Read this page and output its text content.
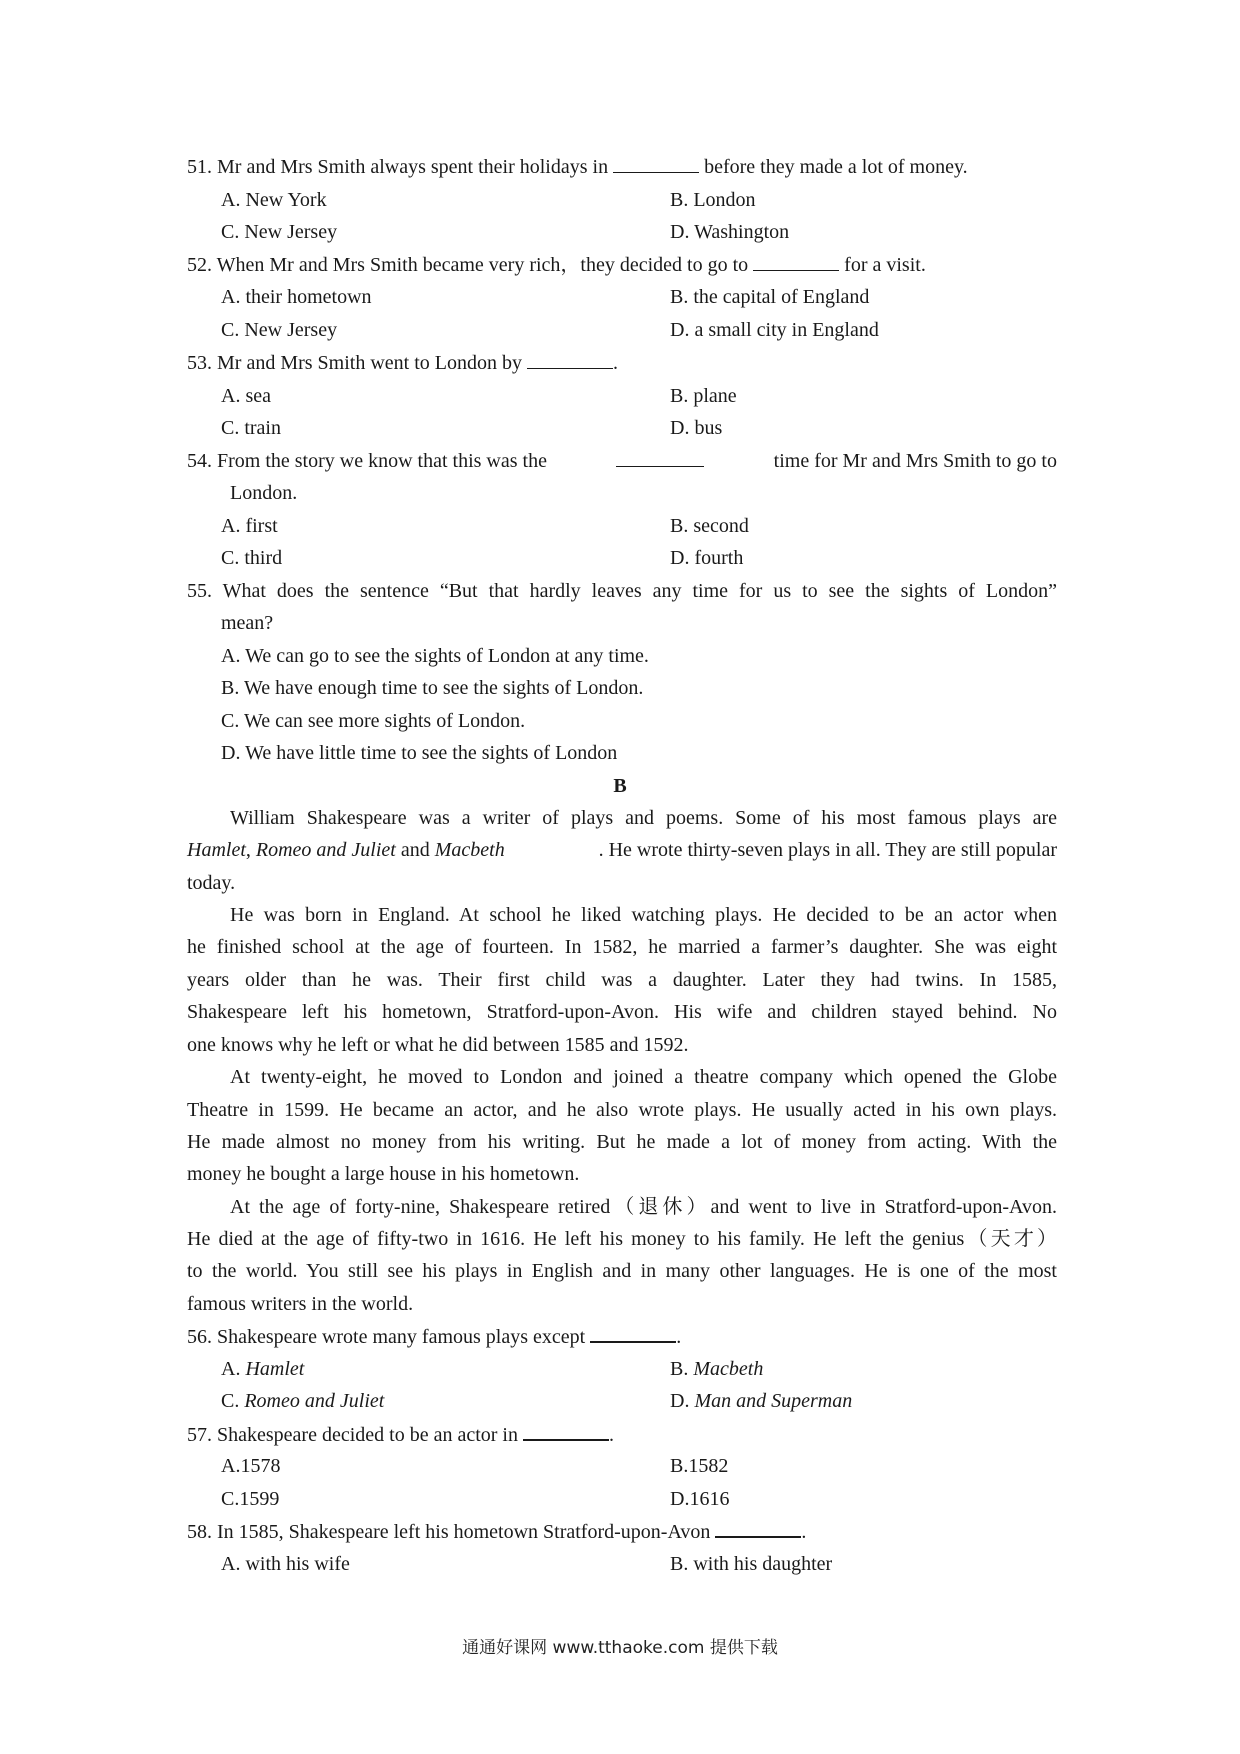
51. Mr and Mrs Smith always spent their holidays in	before they made a lot of money.
A. New York	B. London
C. New Jersey	D. Washington
52. When Mr and Mrs Smith became very rich，they decided to go to	for a visit.
A. their hometown	B. the capital of England
C. New Jersey	D. a small city in England
53. Mr and Mrs Smith went to London by	.
A. sea	B. plane
C. train	D. bus
54. From the story we know that this was the	time for Mr and Mrs Smith to go to
London.
A. first	B. second
C. third	D. fourth
55. What does the sentence “But that hardly leaves any time for us to see the sights of London”
mean?
A. We can go to see the sights of London at any time.
B. We have enough time to see the sights of London.
C. We can see more sights of London.
D. We have little time to see the sights of London
B
William Shakespeare was a writer of plays and poems. Some of his most famous plays are
Hamlet, Romeo and Juliet and Macbeth	. He wrote thirty-seven plays in all. They are still popular
today.
He was born in England. At school he liked watching plays. He decided to be an actor when
he finished school at the age of fourteen. In 1582, he married a farmer’s daughter. She was eight
years older than he was. Their first child was a daughter. Later they had twins. In 1585,
Shakespeare left his hometown, Stratford-upon-Avon. His wife and children stayed behind. No
one knows why he left or what he did between 1585 and 1592.
At twenty-eight, he moved to London and joined a theatre company which opened the Globe
Theatre in 1599. He became an actor, and he also wrote plays. He usually acted in his own plays.
He made almost no money from his writing. But he made a lot of money from acting. With the
money he bought a large house in his hometown.
At the age of forty-nine, Shakespeare retired（退休）and went to live in Stratford-upon-Avon.
He died at the age of fifty-two in 1616. He left his money to his family. He left the genius（天才）
to the world. You still see his plays in English and in many other languages. He is one of the most
famous writers in the world.
56. Shakespeare wrote many famous plays except	.
A. Hamlet	B. Macbeth
C. Romeo and Juliet	D. Man and Superman
57. Shakespeare decided to be an actor in	.
A.1578	B.1582
C.1599	D.1616
58. In 1585, Shakespeare left his hometown Stratford-upon-Avon	.
A. with his wife	B. with his daughter
通通好课网 www.tthaoke.com 提供下载
